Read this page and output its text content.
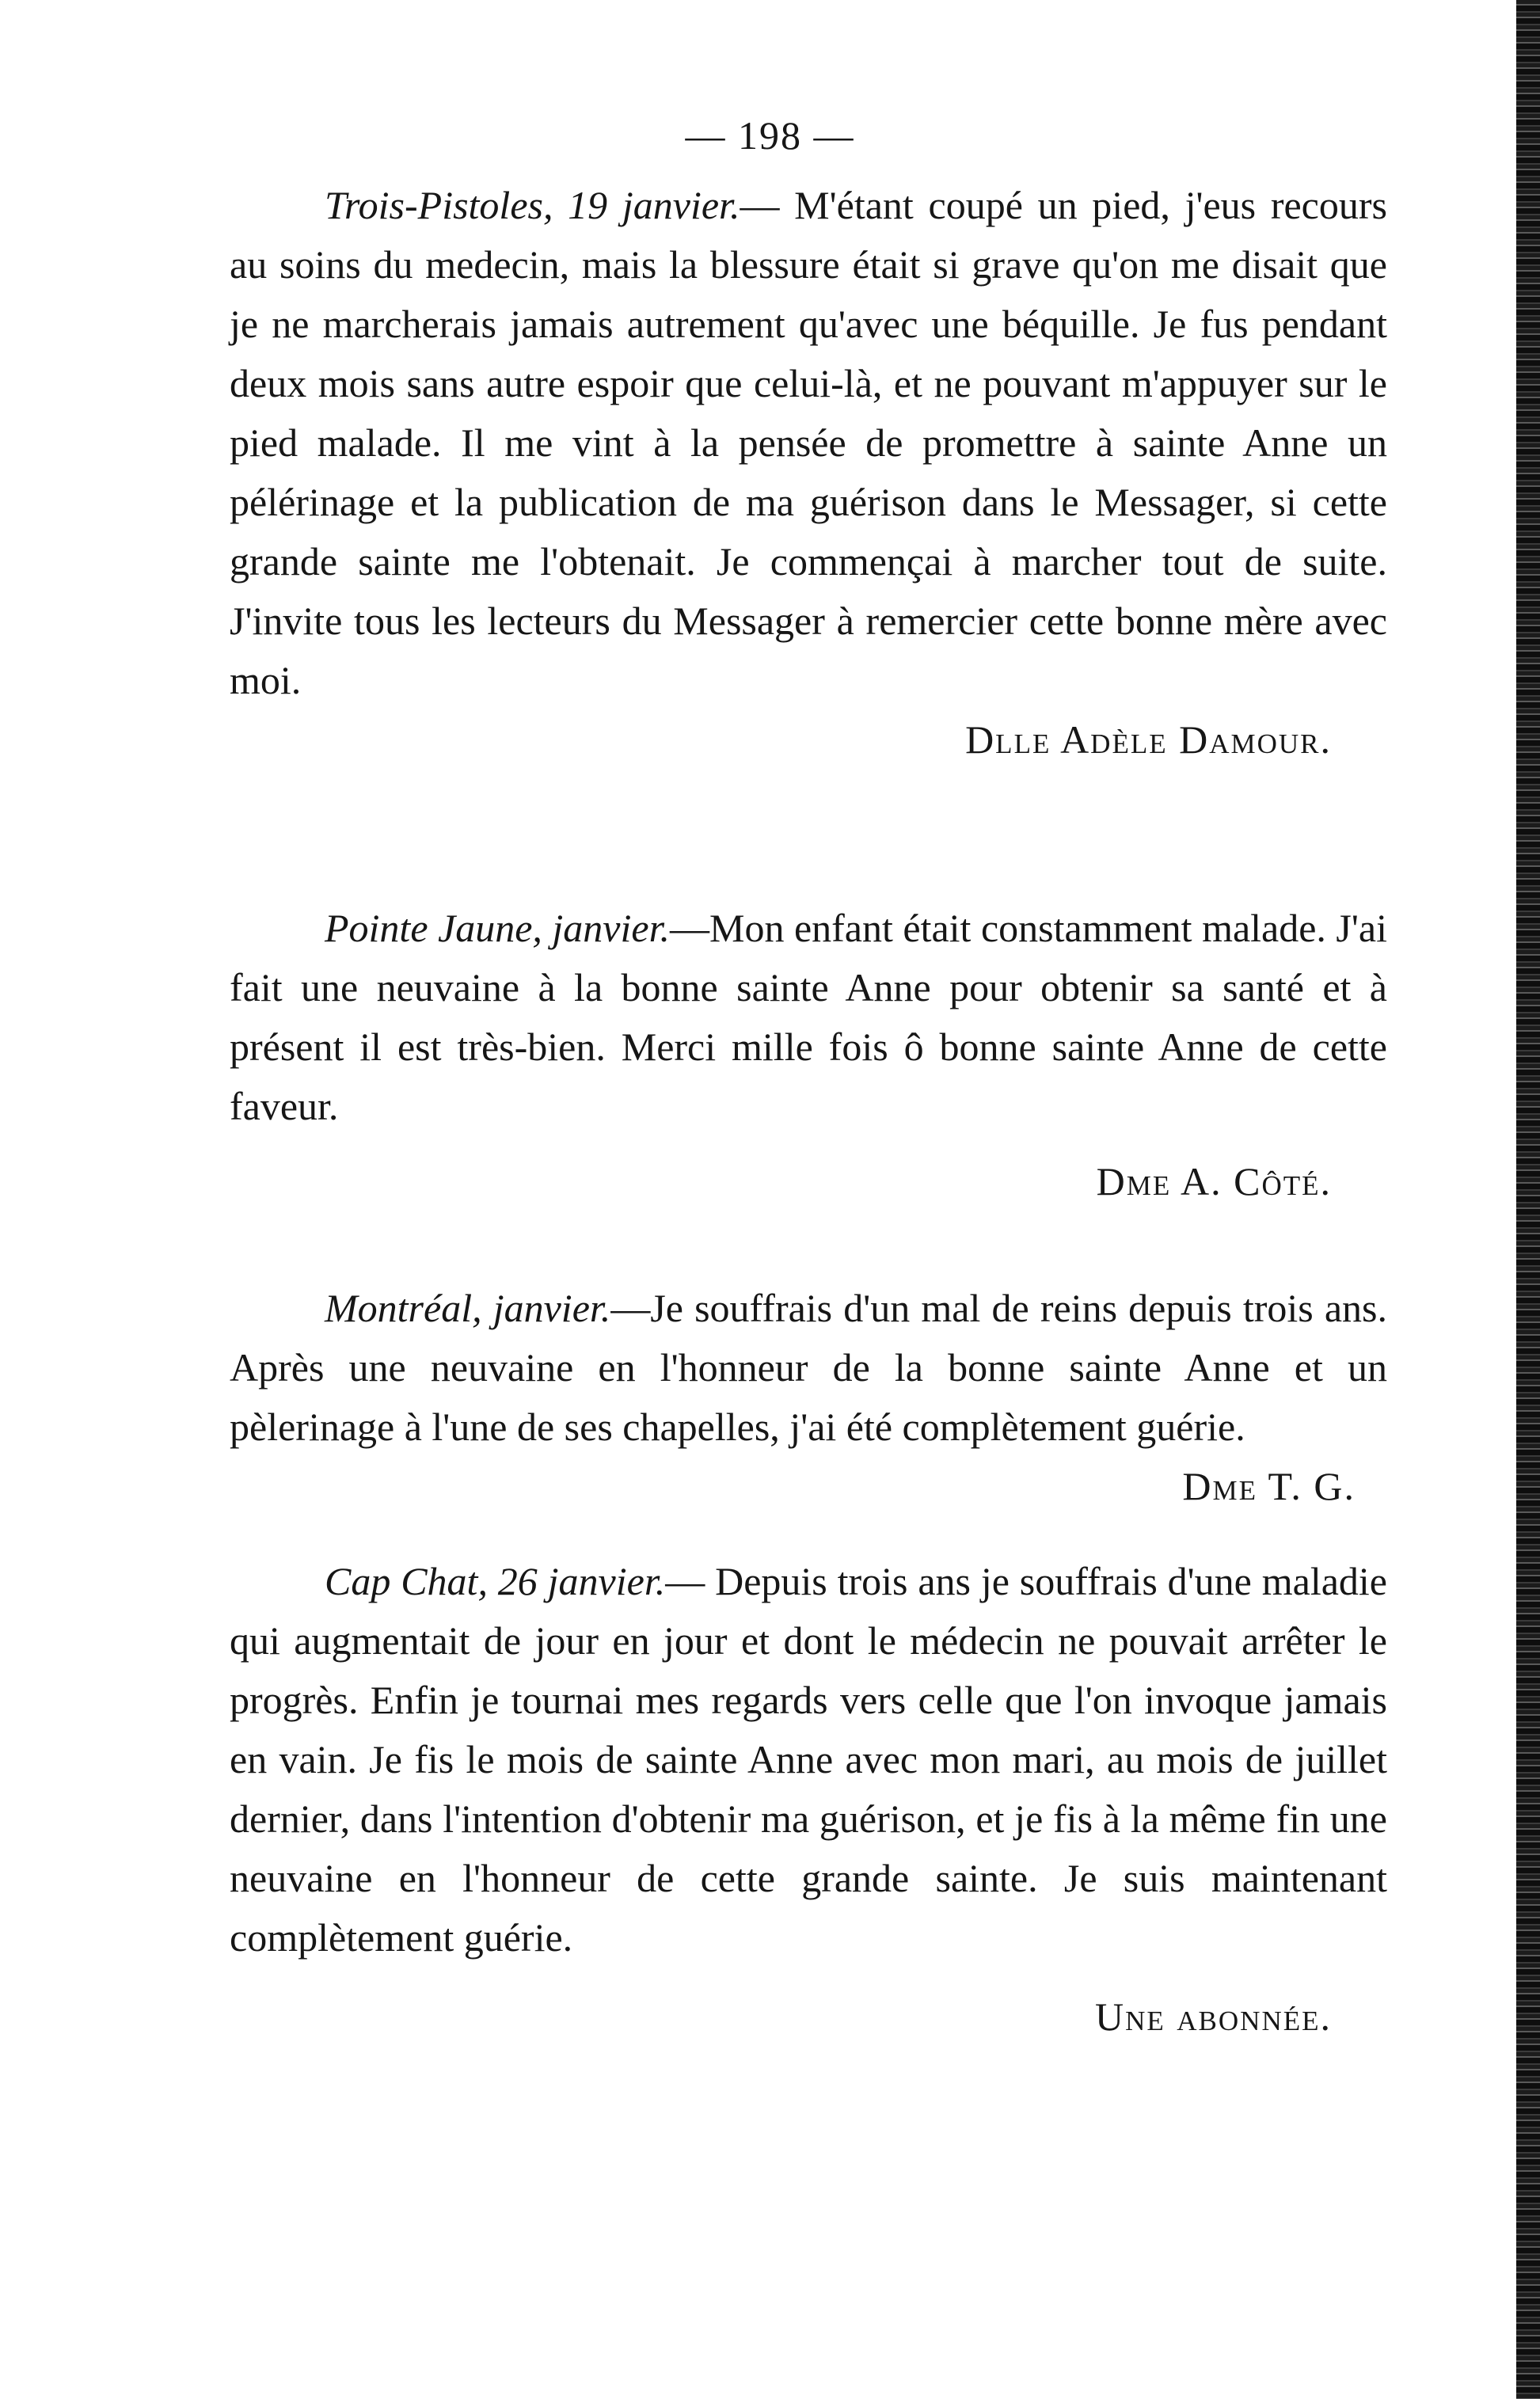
— 198 —

Trois-Pistoles, 19 janvier.— M'étant coupé un pied, j'eus recours au soins du medecin, mais la blessure était si grave qu'on me disait que je ne marcherais jamais autrement qu'avec une béquille. Je fus pendant deux mois sans autre espoir que celui-là, et ne pouvant m'appuyer sur le pied malade. Il me vint à la pensée de promettre à sainte Anne un pélérinage et la publication de ma guérison dans le Messager, si cette grande sainte me l'obtenait. Je commençai à marcher tout de suite. J'invite tous les lecteurs du Messager à remercier cette bonne mère avec moi.

Dlle Adèle Damour.

Pointe Jaune, janvier.—Mon enfant était constamment malade. J'ai fait une neuvaine à la bonne sainte Anne pour obtenir sa santé et à présent il est très-bien. Merci mille fois ô bonne sainte Anne de cette faveur.

Dme A. Côté.

Montréal, janvier.—Je souffrais d'un mal de reins depuis trois ans. Après une neuvaine en l'honneur de la bonne sainte Anne et un pèlerinage à l'une de ses chapelles, j'ai été complètement guérie.
Dme T. G.

Cap Chat, 26 janvier.— Depuis trois ans je souffrais d'une maladie qui augmentait de jour en jour et dont le médecin ne pouvait arrêter le progrès. Enfin je tournai mes regards vers celle que l'on invoque jamais en vain. Je fis le mois de sainte Anne avec mon mari, au mois de juillet dernier, dans l'intention d'obtenir ma guérison, et je fis à la même fin une neuvaine en l'honneur de cette grande sainte. Je suis maintenant complètement guérie.

Une abonnée.
